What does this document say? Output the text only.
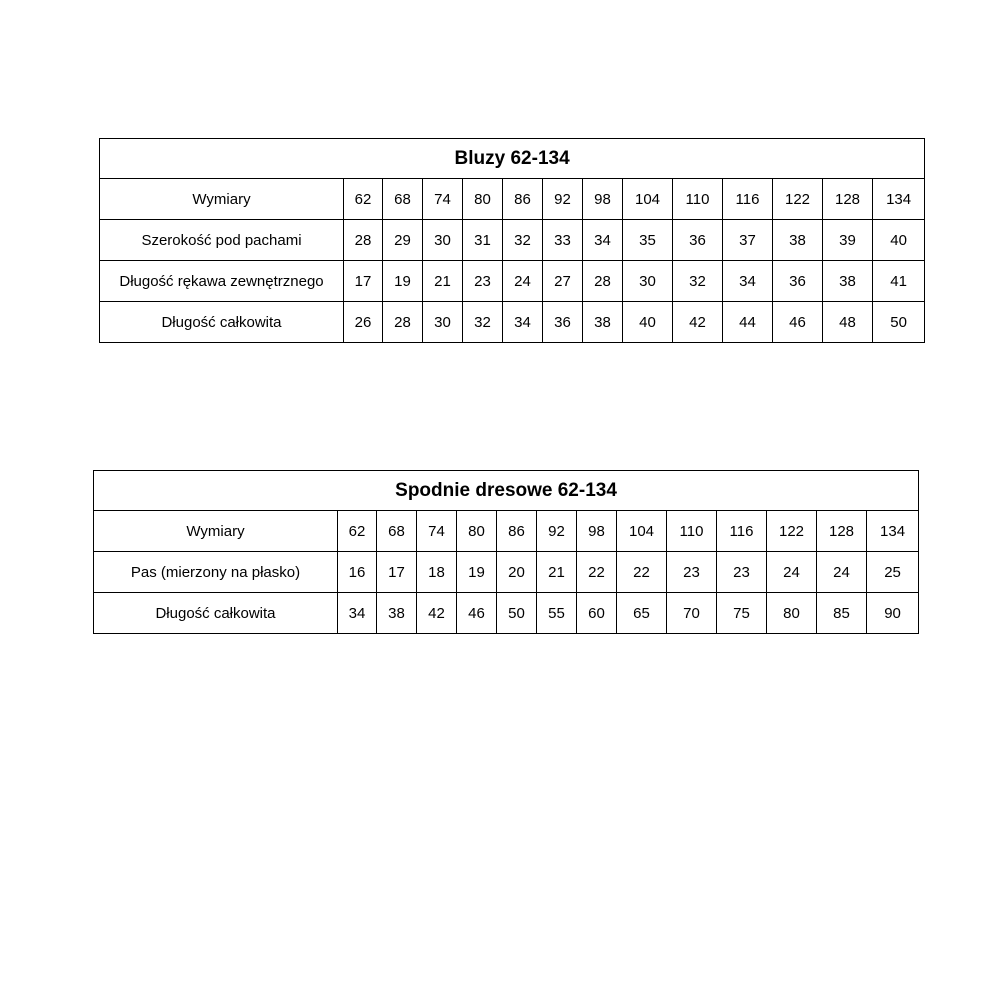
Bluzy 62-134													
Wymiary	62	68	74	80	86	92	98	104	110	116	122	128	134
Szerokość pod pachami	28	29	30	31	32	33	34	35	36	37	38	39	40
Długość rękawa zewnętrznego	17	19	21	23	24	27	28	30	32	34	36	38	41
Długość całkowita	26	28	30	32	34	36	38	40	42	44	46	48	50
Spodnie dresowe 62-134													
Wymiary	62	68	74	80	86	92	98	104	110	116	122	128	134
Pas (mierzony na płasko)	16	17	18	19	20	21	22	22	23	23	24	24	25
Długość całkowita	34	38	42	46	50	55	60	65	70	75	80	85	90
